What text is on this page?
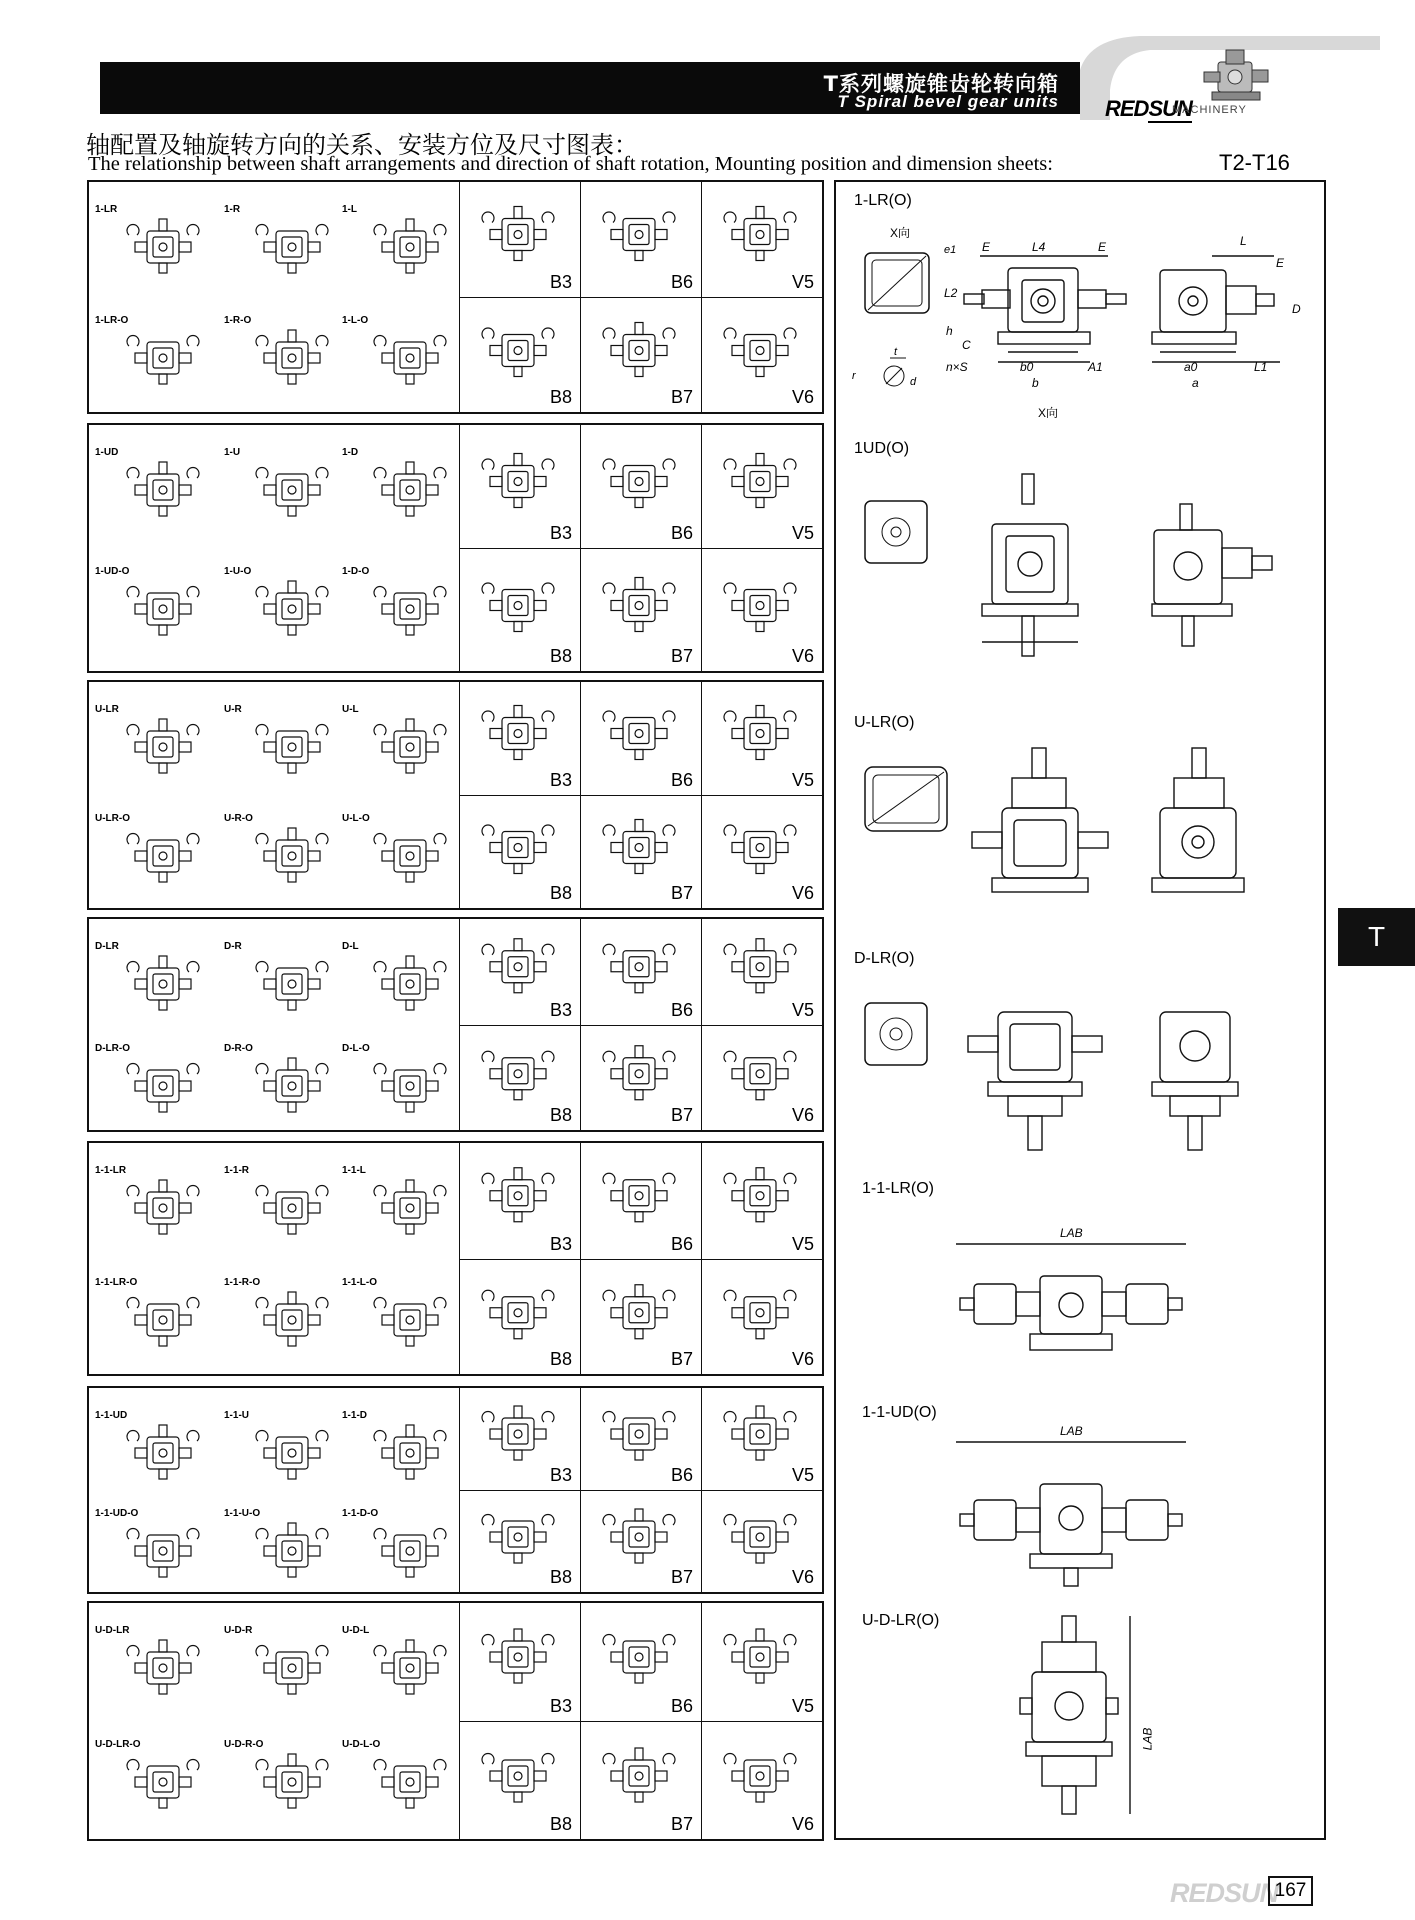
T系列螺旋锥齿轮转向箱
T Spiral bevel gear units REDSUN
MACHINERY
轴配置及轴旋转方向的关系、安装方位及尺寸图表：
The relationship between shaft arrangements and direction of shaft rotation, Mounting position and dimension sheets:	T2-T16
1-LR	1-R	1-L
1-LR-O	1-R-O	1-L-O
B3	B6	V5
B8	B7	V6
1-UD	1-U	1-D
1-UD-O	1-U-O	1-D-O
B3	B6	V5
B8	B7	V6
U-LR	U-R	U-L
U-LR-O	U-R-O	U-L-O
B3	B6	V5
B8	B7	V6
D-LR	D-R	D-L
D-LR-O	D-R-O	D-L-O
B3	B6	V5
B8	B7	V6
1-1-LR	1-1-R	1-1-L
1-1-LR-O	1-1-R-O	1-1-L-O
B3	B6	V5
B8	B7	V6
1-1-UD	1-1-U	1-1-D
1-1-UD-O	1-1-U-O	1-1-D-O
B3	B6	V5
B8	B7	V6
U-D-LR	U-D-R	U-D-L
U-D-LR-O	U-D-R-O	U-D-L-O
B3	B6	V5
B8	B7	V6
1-LR(O)
1UD(O)
U-LR(O)
D-LR(O)
1-1-LR(O)
1-1-UD(O)
U-D-LR(O)
X向
e1 E	L4	E
L2
h
C
n×S	b0	A1
b
X向
r
t
d
L
E
D
a0	L1
a
LAB
LAB
LAB
T
REDSUN
167
